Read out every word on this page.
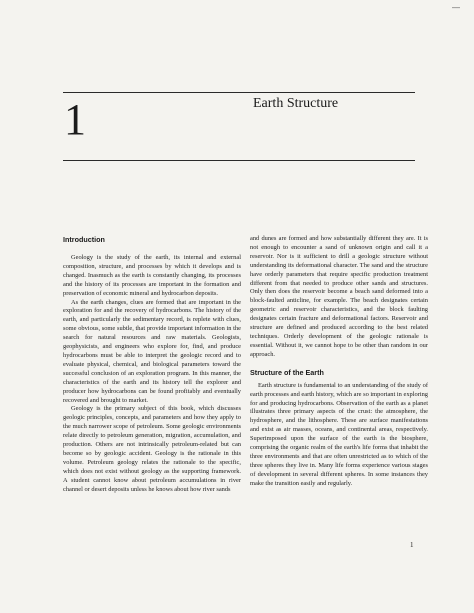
—
1	Earth Structure
Introduction

Geology is the study of the earth, its internal and external composition, structure, and processes by which it develops and is changed. Inasmuch as the earth is constantly changing, its processes and the history of its processes are important in the formation and preservation of economic mineral and hydrocarbon deposits.

As the earth changes, clues are formed that are important in the exploration for and the recovery of hydrocarbons. The history of the earth, and particularly the sedimentary record, is replete with clues, some obvious, some subtle, that provide important information in the search for natural resources and raw materials. Geologists, geophysicists, and engineers who explore for, find, and produce hydrocarbons must be able to interpret the geologic record and to evaluate physical, chemical, and biological parameters toward the successful conclusion of an exploration program. In this manner, the characteristics of the earth and its history tell the explorer and producer how hydrocarbons can be found profitably and eventually recovered and brought to market.

Geology is the primary subject of this book, which discusses geologic principles, concepts, and parameters and how they apply to the much narrower scope of petroleum. Some geologic environments relate directly to petroleum generation, migration, accumulation, and production. Others are not intrinsically petroleum-related but can become so by geologic accident. Geology is the rationale in this volume. Petroleum geology relates the rationale to the specific, which does not exist without geology as the supporting framework. A student cannot know about petroleum accumulations in river channel or desert deposits unless he knows about how river sands

and dunes are formed and how substantially different they are. It is not enough to encounter a sand of unknown origin and call it a reservoir. Nor is it sufficient to drill a geologic structure without understanding its deformational character. The sand and the structure have orderly parameters that require specific production treatment different from that needed to produce other sands and structures. Only then does the reservoir become a beach sand deformed into a block-faulted anticline, for example. The beach designates certain geometric and reservoir characteristics, and the block faulting designates certain fracture and deformational factors. Reservoir and structure are defined and produced according to the best related techniques. Orderly development of the geologic rationale is essential. Without it, we cannot hope to be other than random in our approach.

Structure of the Earth

Earth structure is fundamental to an understanding of the study of earth processes and earth history, which are so important in exploring for and producing hydrocarbons. Observation of the earth as a planet illustrates three primary aspects of the crust: the atmosphere, the hydrosphere, and the lithosphere. These are surface manifestations and exist as air masses, oceans, and continental areas, respectively. Superimposed upon the surface of the earth is the biosphere, comprising the organic realm of the earth's life forms that inhabit the three environments and that are often unrestricted as to which of the three spheres they live in. Many life forms experience various stages of development in several different spheres. In some instances they make the transition easily and regularly.

1
